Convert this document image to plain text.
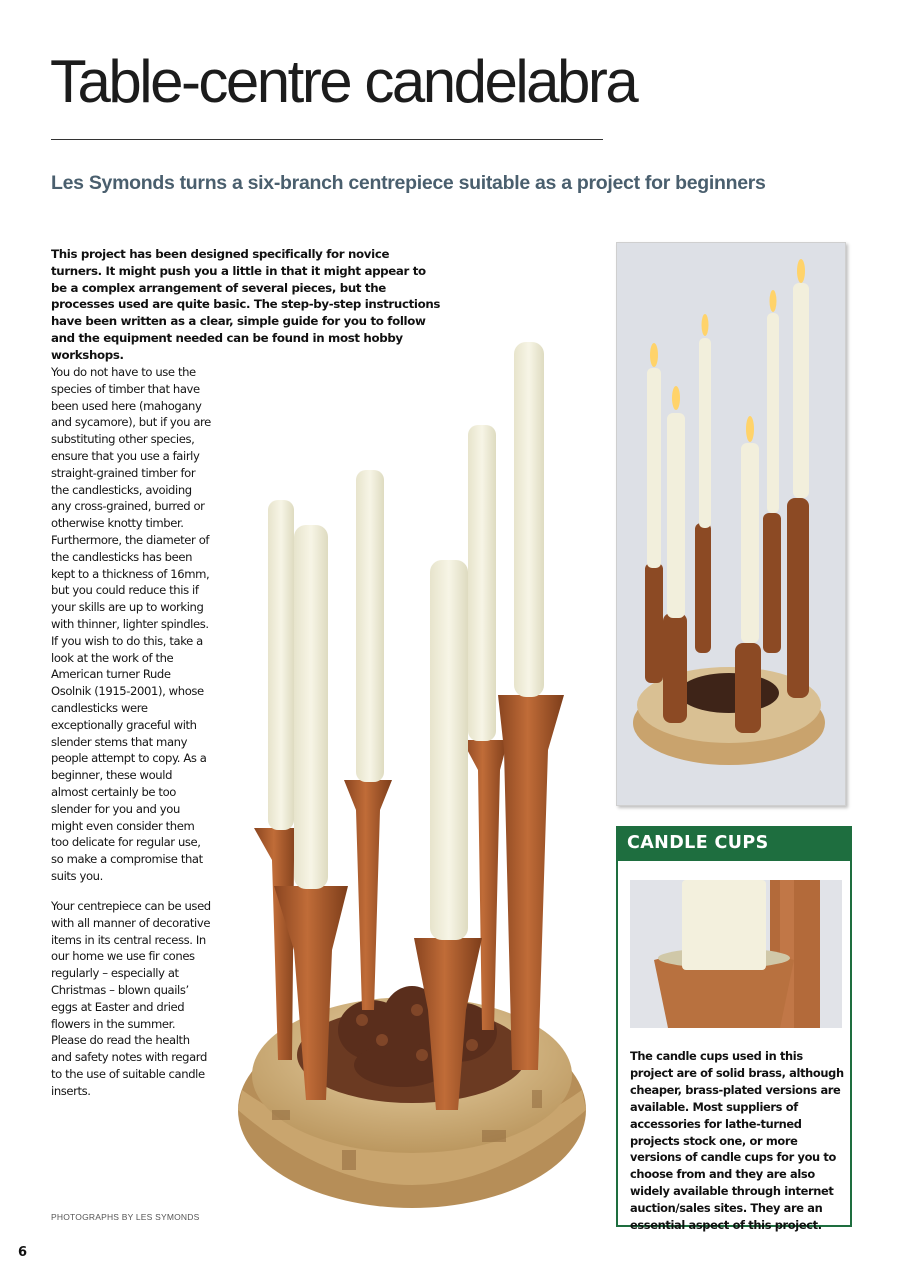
Table-centre candelabra
Les Symonds turns a six-branch centrepiece suitable as a project for beginners

This project has been designed specifically for novice turners. It might push you a little in that it might appear to be a complex arrangement of several pieces, but the processes used are quite basic. The step-by-step instructions have been written as a clear, simple guide for you to follow and the equipment needed can be found in most hobby workshops.

You do not have to use the species of timber that have been used here (mahogany and sycamore), but if you are substituting other species, ensure that you use a fairly straight-grained timber for the candlesticks, avoiding any cross-grained, burred or otherwise knotty timber. Furthermore, the diameter of the candlesticks has been kept to a thickness of 16mm, but you could reduce this if your skills are up to working with thinner, lighter spindles. If you wish to do this, take a look at the work of the American turner Rude Osolnik (1915-2001), whose candlesticks were exceptionally graceful with slender stems that many people attempt to copy. As a beginner, these would almost certainly be too slender for you and you might even consider them too delicate for regular use, so make a compromise that suits you.

Your centrepiece can be used with all manner of decorative items in its central recess. In our home we use fir cones regularly – especially at Christmas – blown quails’ eggs at Easter and dried flowers in the summer. Please do read the health and safety notes with regard to the use of suitable candle inserts.

CANDLE CUPS

The candle cups used in this project are of solid brass, although cheaper, brass-plated versions are available. Most suppliers of accessories for lathe-turned projects stock one, or more versions of candle cups for you to choose from and they are also widely available through internet auction/sales sites. They are an essential aspect of this project.

PHOTOGRAPHS BY LES SYMONDS
6
